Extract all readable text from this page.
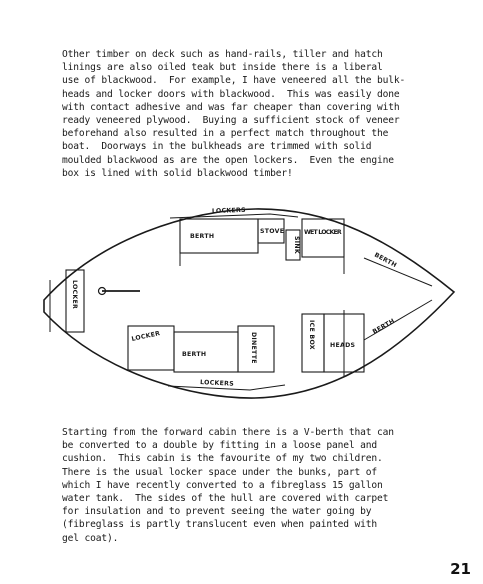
Other timber on deck such as hand-rails, tiller and hatch
linings are also oiled teak but inside there is a liberal
use of blackwood.  For example, I have veneered all the bulk-
heads and locker doors with blackwood.  This was easily done
with contact adhesive and was far cheaper than covering with
ready veneered plywood.  Buying a sufficient stock of veneer
beforehand also resulted in a perfect match throughout the
boat.  Doorways in the bulkheads are trimmed with solid
moulded blackwood as are the open lockers.  Even the engine
box is lined with solid blackwood timber!

LOCKERS
BERTH
STOVE
SINK
WET LOCKER
BERTH
LOCKER
LOCKER
BERTH	DINETTE	ICE BOX HEADS
BERTH
LOCKERS

Starting from the forward cabin there is a V-berth that can
be converted to a double by fitting in a loose panel and
cushion.  This cabin is the favourite of my two children.
There is the usual locker space under the bunks, part of
which I have recently converted to a fibreglass 15 gallon
water tank.  The sides of the hull are covered with carpet
for insulation and to prevent seeing the water going by
(fibreglass is partly translucent even when painted with
gel coat).

21
